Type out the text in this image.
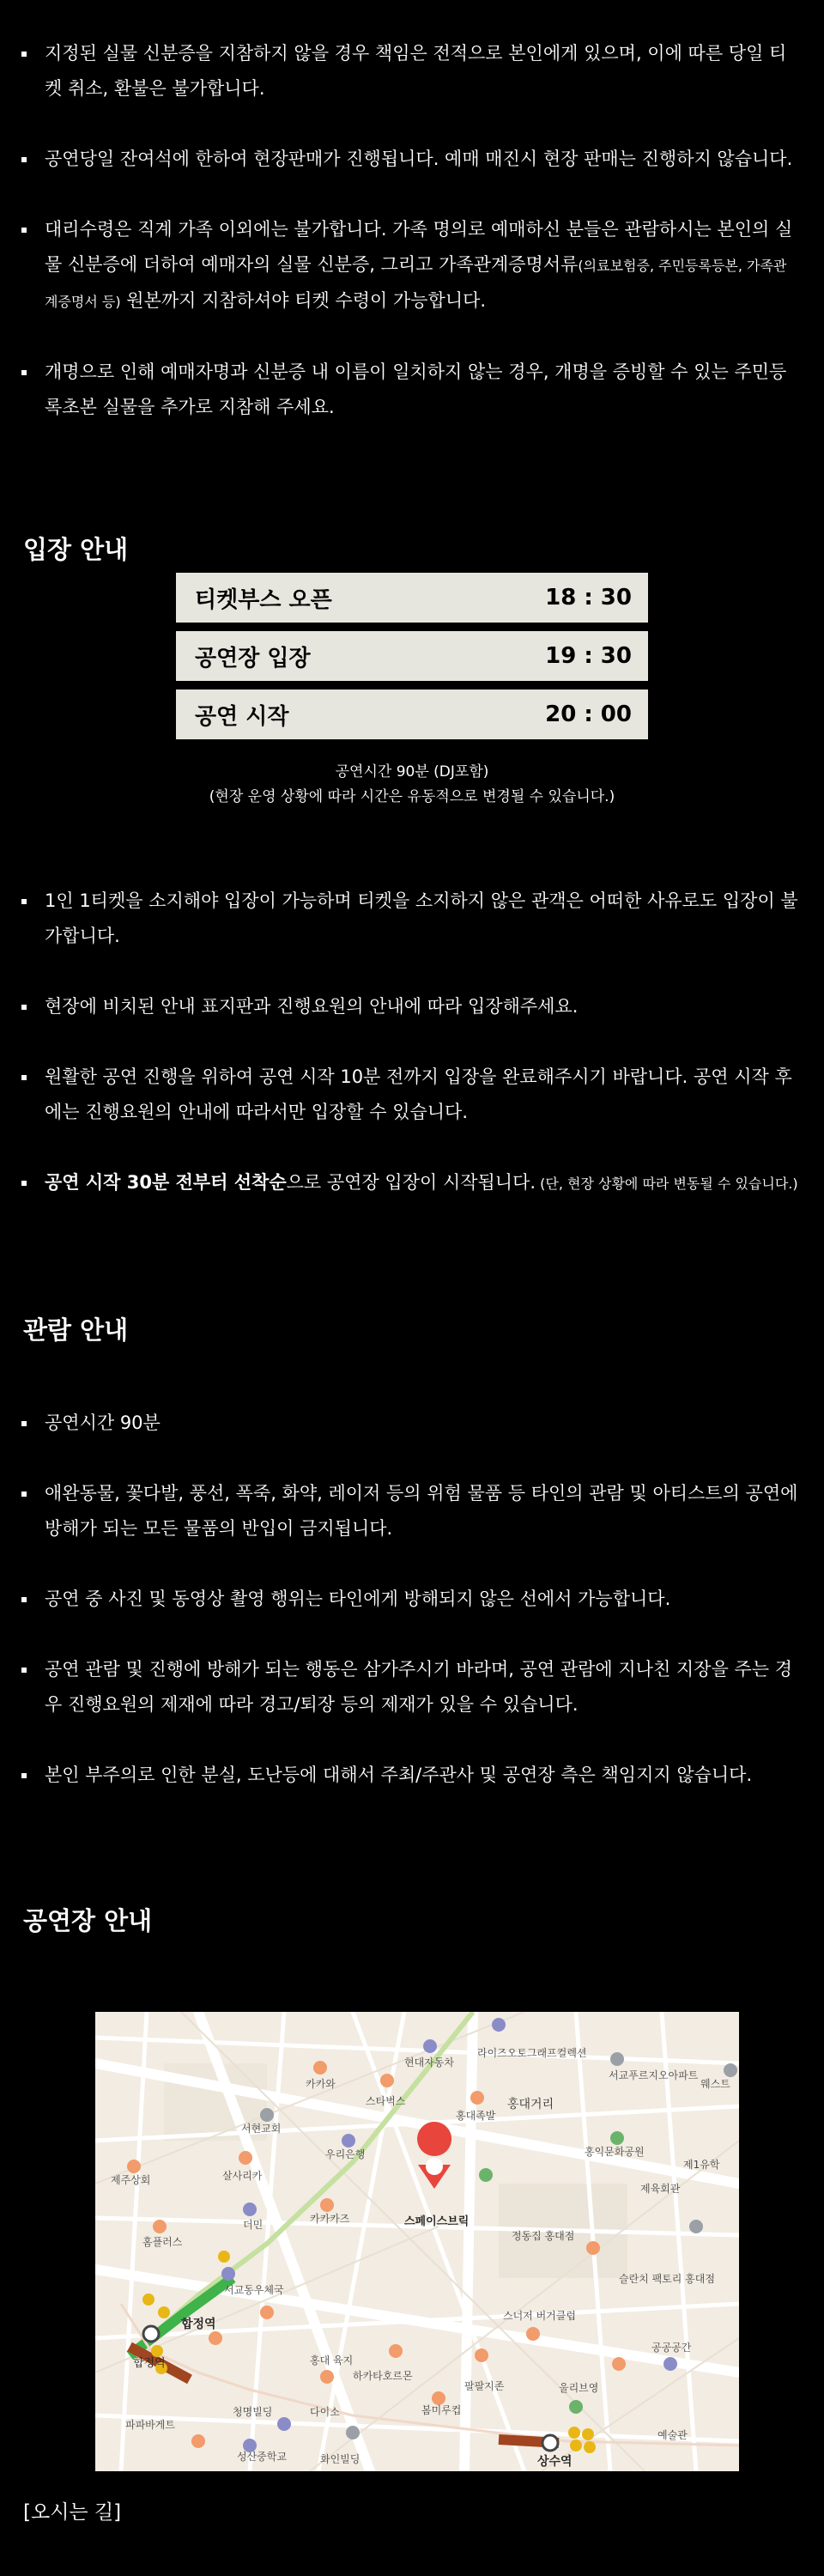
지정된 실물 신분증을 지참하지 않을 경우 책임은 전적으로 본인에게 있으며, 이에 따른 당일 티켓 취소, 환불은 불가합니다.
공연당일 잔여석에 한하여 현장판매가 진행됩니다. 예매 매진시 현장 판매는 진행하지 않습니다.
대리수령은 직계 가족 이외에는 불가합니다. 가족 명의로 예매하신 분들은 관람하시는 본인의 실물 신분증에 더하여 예매자의 실물 신분증, 그리고 가족관계증명서류(의료보험증, 주민등록등본, 가족관계증명서 등) 원본까지 지참하셔야 티켓 수령이 가능합니다.
개명으로 인해 예매자명과 신분증 내 이름이 일치하지 않는 경우, 개명을 증빙할 수 있는 주민등록초본 실물을 추가로 지참해 주세요.
입장 안내
티켓부스 오픈	18 : 30
공연장 입장	19 : 30
공연 시작	20 : 00
공연시간 90분 (DJ포함)
(현장 운영 상황에 따라 시간은 유동적으로 변경될 수 있습니다.)
1인 1티켓을 소지해야 입장이 가능하며 티켓을 소지하지 않은 관객은 어떠한 사유로도 입장이 불가합니다.
현장에 비치된 안내 표지판과 진행요원의 안내에 따라 입장해주세요.
원활한 공연 진행을 위하여 공연 시작 10분 전까지 입장을 완료해주시기 바랍니다. 공연 시작 후에는 진행요원의 안내에 따라서만 입장할 수 있습니다.
공연 시작 30분 전부터 선착순으로 공연장 입장이 시작됩니다. (단, 현장 상황에 따라 변동될 수 있습니다.)
관람 안내
공연시간 90분
애완동물, 꽃다발, 풍선, 폭죽, 화약, 레이저 등의 위험 물품 등 타인의 관람 및 아티스트의 공연에 방해가 되는 모든 물품의 반입이 금지됩니다.
공연 중 사진 및 동영상 촬영 행위는 타인에게 방해되지 않은 선에서 가능합니다.
공연 관람 및 진행에 방해가 되는 행동은 삼가주시기 바라며, 공연 관람에 지나친 지장을 주는 경우 진행요원의 제재에 따라 경고/퇴장 등의 제재가 있을 수 있습니다.
본인 부주의로 인한 분실, 도난등에 대해서 주최/주관사 및 공연장 측은 책임지지 않습니다.
공연장 안내
스페이스브릭
합정역
합정역
상수역
현대자동차
라이즈오토그래프컬렉션
서교푸르지오아파트
홍대거리
서현교회
우리은행	홍익문화공원
정동집 홍대점
슬란치 팩토리 홍대점
홍대 육지
스타벅스
홍대족발
카카와
제주상회	살사리카
홈플러스
더민	카카카즈
서교동우체국
하카타호르몬
팔팔지존
스너저 버거클럽
울리브영
공공공간
봄미루컵
청명빌딩
성산중학교	화인빌딩
다이소
파파바게트
제육회관
웨스트
예술관
제1유학
[오시는 길]
